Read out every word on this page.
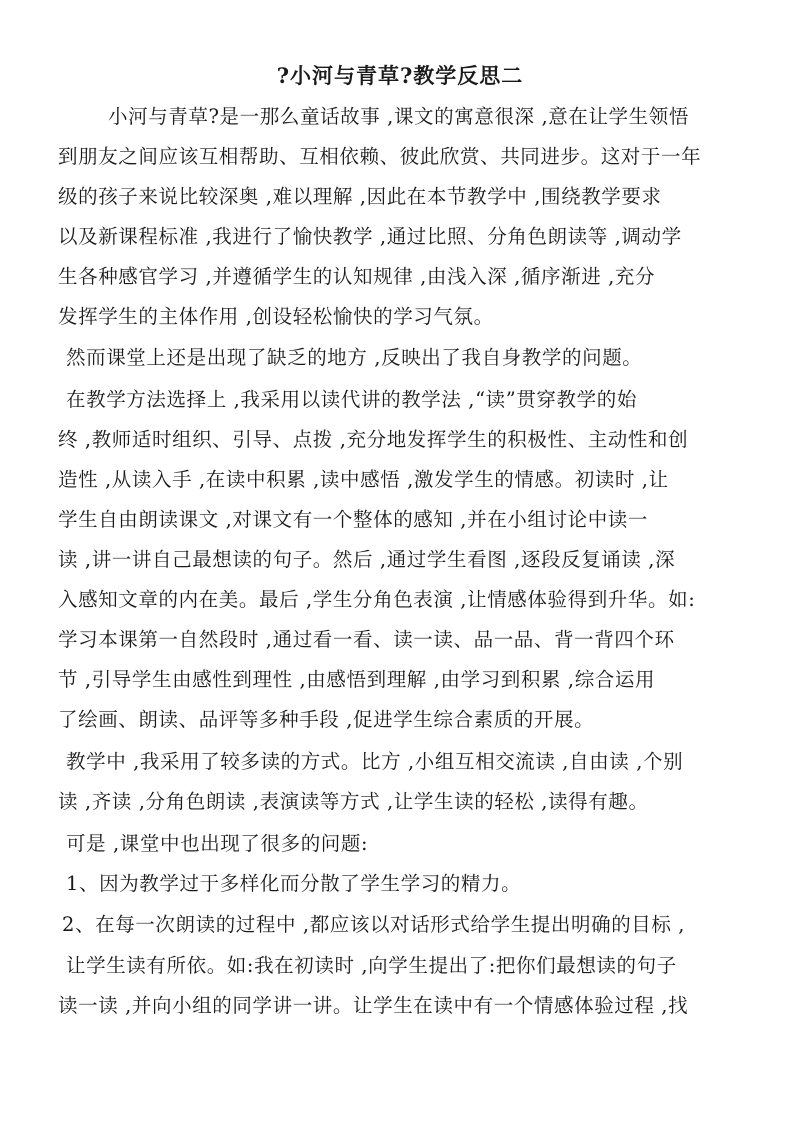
?小河与青草?教学反思二
小河与青草?是一那么童话故事 ,课文的寓意很深 ,意在让学生领悟
到朋友之间应该互相帮助、互相依赖、彼此欣赏、共同进步。这对于一年
级的孩子来说比较深奥 ,难以理解 ,因此在本节教学中 ,围绕教学要求
以及新课程标准 ,我进行了愉快教学 ,通过比照、分角色朗读等 ,调动学
生各种感官学习 ,并遵循学生的认知规律 ,由浅入深 ,循序渐进 ,充分
发挥学生的主体作用 ,创设轻松愉快的学习气氛。
然而课堂上还是出现了缺乏的地方 ,反映出了我自身教学的问题。
在教学方法选择上 ,我采用以读代讲的教学法 ,“读”贯穿教学的始
终 ,教师适时组织、引导、点拨 ,充分地发挥学生的积极性、主动性和创
造性 ,从读入手 ,在读中积累 ,读中感悟 ,激发学生的情感。初读时 ,让
学生自由朗读课文 ,对课文有一个整体的感知 ,并在小组讨论中读一
读 ,讲一讲自己最想读的句子。然后 ,通过学生看图 ,逐段反复诵读 ,深
入感知文章的内在美。最后 ,学生分角色表演 ,让情感体验得到升华。如:
学习本课第一自然段时 ,通过看一看、读一读、品一品、背一背四个环
节 ,引导学生由感性到理性 ,由感悟到理解 ,由学习到积累 ,综合运用
了绘画、朗读、品评等多种手段 ,促进学生综合素质的开展。
教学中 ,我采用了较多读的方式。比方 ,小组互相交流读 ,自由读 ,个别
读 ,齐读 ,分角色朗读 ,表演读等方式 ,让学生读的轻松 ,读得有趣。
可是 ,课堂中也出现了很多的问题:
1、因为教学过于多样化而分散了学生学习的精力。
2、在每一次朗读的过程中 ,都应该以对话形式给学生提出明确的目标 ,
让学生读有所依。如:我在初读时 ,向学生提出了:把你们最想读的句子
读一读 ,并向小组的同学讲一讲。让学生在读中有一个情感体验过程 ,找
